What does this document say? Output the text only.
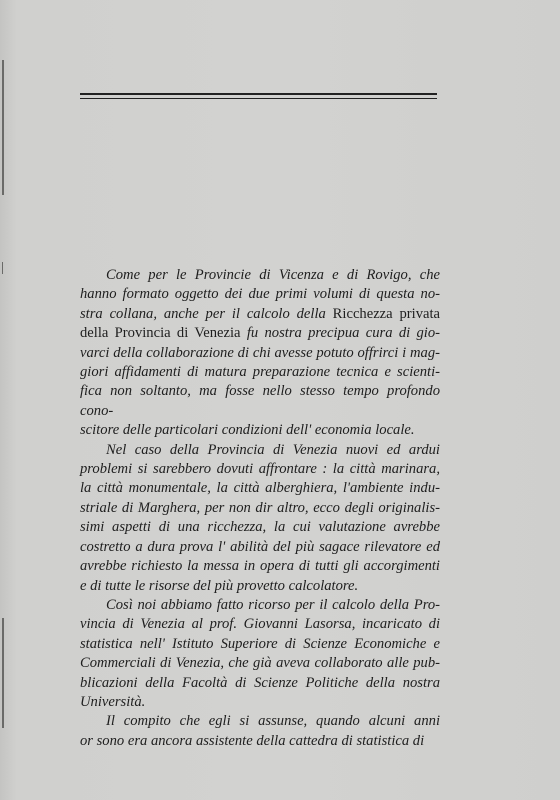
Come per le Provincie di Vicenza e di Rovigo, che
hanno formato oggetto dei due primi volumi di questa no-
stra collana, anche per il calcolo della Ricchezza privata
della Provincia di Venezia fu nostra precipua cura di gio-
varci della collaborazione di chi avesse potuto offrirci i mag-
giori affidamenti di matura preparazione tecnica e scienti-
fica non soltanto, ma fosse nello stesso tempo profondo cono-
scitore delle particolari condizioni dell' economia locale.
Nel caso della Provincia di Venezia nuovi ed ardui
problemi si sarebbero dovuti affrontare : la città marinara,
la città monumentale, la città alberghiera, l'ambiente indu-
striale di Marghera, per non dir altro, ecco degli originalis-
simi aspetti di una ricchezza, la cui valutazione avrebbe
costretto a dura prova l' abilità del più sagace rilevatore ed
avrebbe richiesto la messa in opera di tutti gli accorgimenti
e di tutte le risorse del più provetto calcolatore.
Così noi abbiamo fatto ricorso per il calcolo della Pro-
vincia di Venezia al prof. Giovanni Lasorsa, incaricato di
statistica nell' Istituto Superiore di Scienze Economiche e
Commerciali di Venezia, che già aveva collaborato alle pub-
blicazioni della Facoltà di Scienze Politiche della nostra
Università.
Il compito che egli si assunse, quando alcuni anni
or sono era ancora assistente della cattedra di statistica di
